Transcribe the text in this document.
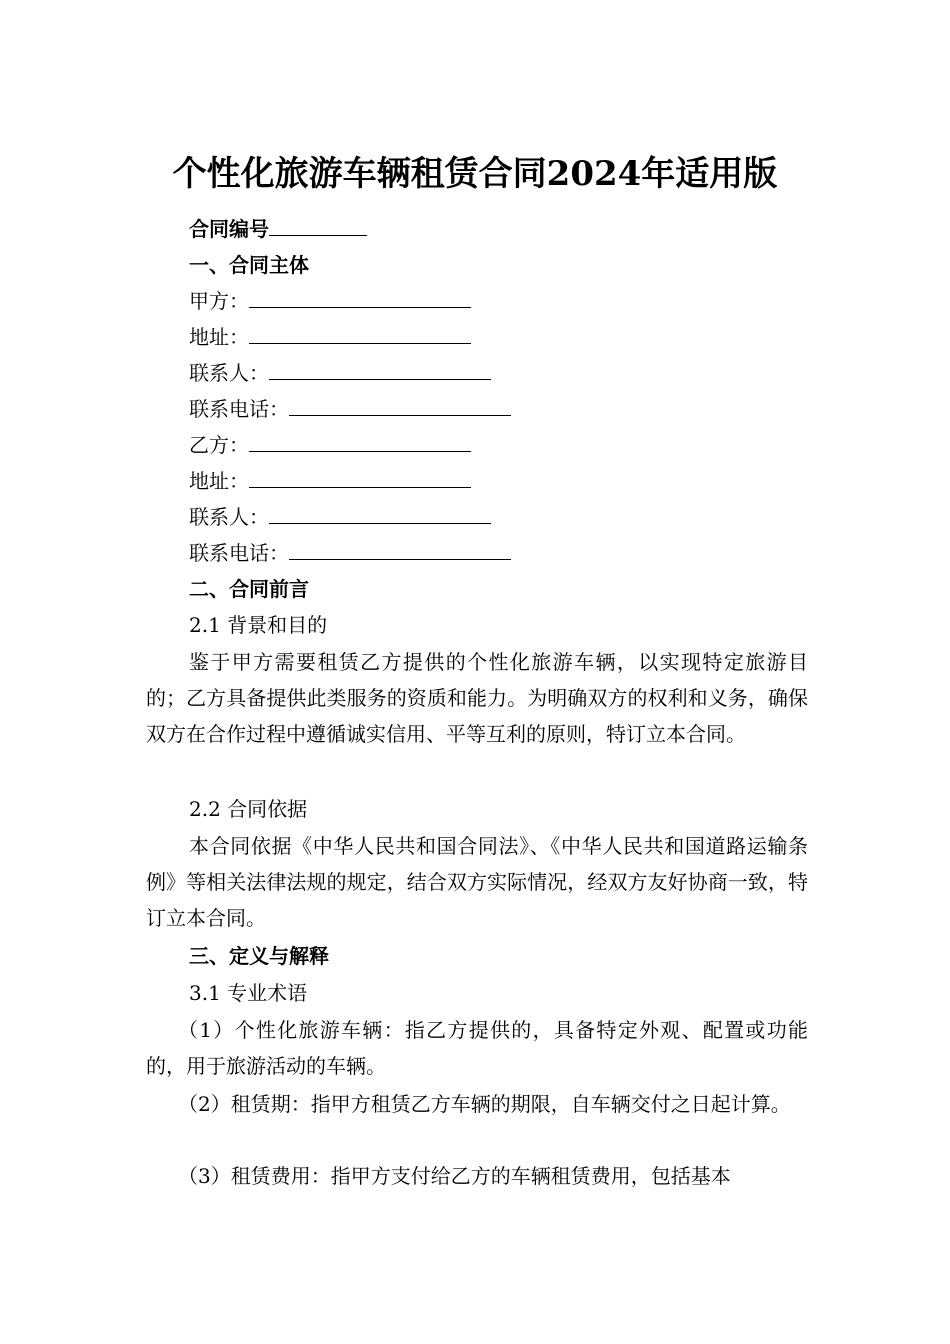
个性化旅游车辆租赁合同2024年适用版
合同编号
一、合同主体
甲方：
地址：
联系人：
联系电话：
乙方：
地址：
联系人：
联系电话：
二、合同前言
2.1 背景和目的

鉴于甲方需要租赁乙方提供的个性化旅游车辆，以实现特定旅游目的；乙方具备提供此类服务的资质和能力。为明确双方的权利和义务，确保双方在合作过程中遵循诚实信用、平等互利的原则，特订立本合同。

2.2 合同依据

本合同依据《中华人民共和国合同法》、《中华人民共和国道路运输条例》等相关法律法规的规定，结合双方实际情况，经双方友好协商一致，特订立本合同。

三、定义与解释
3.1 专业术语

（1）个性化旅游车辆：指乙方提供的，具备特定外观、配置或功能的，用于旅游活动的车辆。

（2）租赁期：指甲方租赁乙方车辆的期限，自车辆交付之日起计算。

（3）租赁费用：指甲方支付给乙方的车辆租赁费用，包括基本
